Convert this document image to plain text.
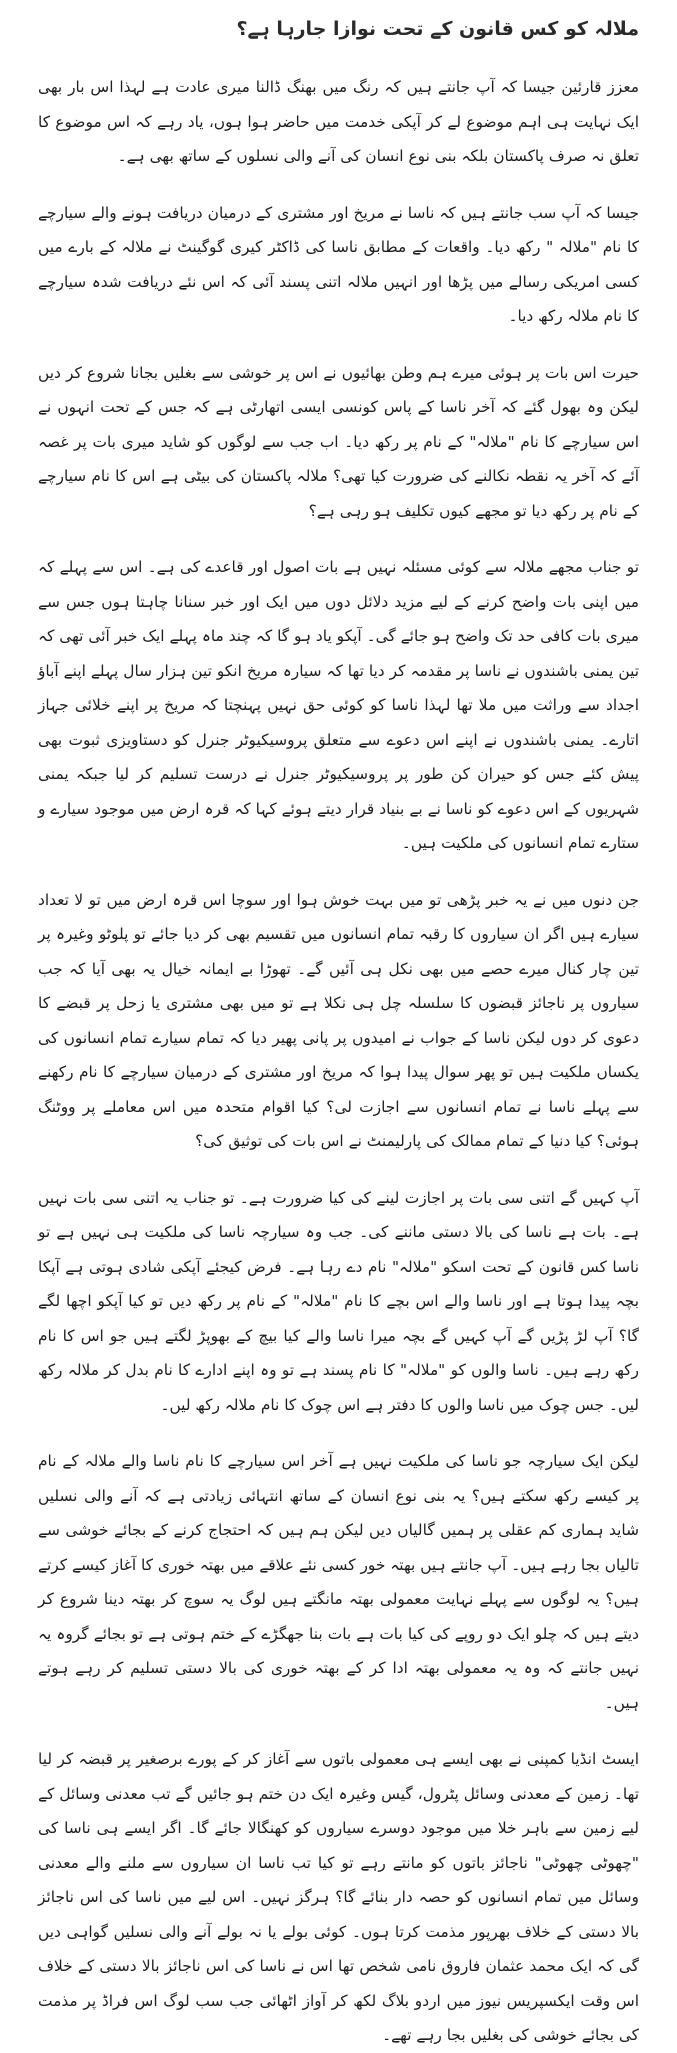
ملالہ کو کس قانون کے تحت نوازا جارہا ہے؟

معزز قارئین جیسا کہ آپ جانتے ہیں کہ رنگ میں بھنگ ڈالنا میری عادت ہے لہذا اس بار بھی ایک نہایت ہی اہم موضوع لے کر آپکی خدمت میں حاضر ہوا ہوں، یاد رہے کہ اس موضوع کا تعلق نہ صرف پاکستان بلکہ بنی نوع انسان کی آنے والی نسلوں کے ساتھ بھی ہے۔

جیسا کہ آپ سب جانتے ہیں کہ ناسا نے مریخ اور مشتری کے درمیان دریافت ہونے والے سیارچے کا نام "ملالہ " رکھ دیا۔ واقعات کے مطابق ناسا کی ڈاکٹر کیری گوگینٹ نے ملالہ کے بارے میں کسی امریکی رسالے میں پڑھا اور انہیں ملالہ اتنی پسند آئی کہ اس نئے دریافت شدہ سیارچے کا نام ملالہ رکھ دیا۔

حیرت اس بات پر ہوئی میرے ہم وطن بھائیوں نے اس پر خوشی سے بغلیں بجانا شروع کر دیں لیکن وہ بھول گئے کہ آخر ناسا کے پاس کونسی ایسی اتھارٹی ہے کہ جس کے تحت انہوں نے اس سیارچے کا نام "ملالہ" کے نام پر رکھ دیا۔ اب جب سے لوگوں کو شاید میری بات پر غصہ آئے کہ آخر یہ نقطہ نکالنے کی ضرورت کیا تھی؟ ملالہ پاکستان کی بیٹی ہے اس کا نام سیارچے کے نام پر رکھ دیا تو مجھے کیوں تکلیف ہو رہی ہے؟

تو جناب مجھے ملالہ سے کوئی مسئلہ نہیں ہے بات اصول اور قاعدے کی ہے۔ اس سے پہلے کہ میں اپنی بات واضح کرنے کے لیے مزید دلائل دوں میں ایک اور خبر سنانا چاہتا ہوں جس سے میری بات کافی حد تک واضح ہو جائے گی۔ آپکو یاد ہو گا کہ چند ماہ پہلے ایک خبر آئی تھی کہ تین یمنی باشندوں نے ناسا پر مقدمہ کر دیا تھا کہ سیارہ مریخ انکو تین ہزار سال پہلے اپنے آباؤ اجداد سے وراثت میں ملا تھا لہذا ناسا کو کوئی حق نہیں پہنچتا کہ مریخ پر اپنے خلائی جہاز اتارے۔ یمنی باشندوں نے اپنے اس دعوے سے متعلق پروسیکیوٹر جنرل کو دستاویزی ثبوت بھی پیش کئے جس کو حیران کن طور پر پروسیکیوٹر جنرل نے درست تسلیم کر لیا جبکہ یمنی شہریوں کے اس دعوے کو ناسا نے بے بنیاد قرار دیتے ہوئے کہا کہ قرہ ارض میں موجود سیارے و ستارے تمام انسانوں کی ملکیت ہیں۔

جن دنوں میں نے یہ خبر پڑھی تو میں بہت خوش ہوا اور سوچا اس قرہ ارض میں تو لا تعداد سیارے ہیں اگر ان سیاروں کا رقبہ تمام انسانوں میں تقسیم بھی کر دیا جائے تو پلوٹو وغیرہ پر تین چار کنال میرے حصے میں بھی نکل ہی آئیں گے۔ تھوڑا بے ایمانہ خیال یہ بھی آیا کہ جب سیاروں پر ناجائز قبضوں کا سلسلہ چل ہی نکلا ہے تو میں بھی مشتری یا زحل پر قبضے کا دعوی کر دوں لیکن ناسا کے جواب نے امیدوں پر پانی پھیر دیا کہ تمام سیارے تمام انسانوں کی یکساں ملکیت ہیں تو پھر سوال پیدا ہوا کہ مریخ اور مشتری کے درمیان سیارچے کا نام رکھنے سے پہلے ناسا نے تمام انسانوں سے اجازت لی؟ کیا اقوام متحدہ میں اس معاملے پر ووٹنگ ہوئی؟ کیا دنیا کے تمام ممالک کی پارلیمنٹ نے اس بات کی توثیق کی؟

آپ کہیں گے اتنی سی بات پر اجازت لینے کی کیا ضرورت ہے۔ تو جناب یہ اتنی سی بات نہیں ہے۔ بات ہے ناسا کی بالا دستی ماننے کی۔ جب وہ سیارچہ ناسا کی ملکیت ہی نہیں ہے تو ناسا کس قانون کے تحت اسکو "ملالہ" نام دے رہا ہے۔ فرض کیجئے آپکی شادی ہوتی ہے آپکا بچہ پیدا ہوتا ہے اور ناسا والے اس بچے کا نام "ملالہ" کے نام پر رکھ دیں تو کیا آپکو اچھا لگے گا؟ آپ لڑ پڑیں گے آپ کہیں گے بچہ میرا ناسا والے کیا بیچ کے بھوپڑ لگتے ہیں جو اس کا نام رکھ رہے ہیں۔ ناسا والوں کو "ملالہ" کا نام پسند ہے تو وہ اپنے ادارے کا نام بدل کر ملالہ رکھ لیں۔ جس چوک میں ناسا والوں کا دفتر ہے اس چوک کا نام ملالہ رکھ لیں۔

لیکن ایک سیارچہ جو ناسا کی ملکیت نہیں ہے آخر اس سیارچے کا نام ناسا والے ملالہ کے نام پر کیسے رکھ سکتے ہیں؟ یہ بنی نوع انسان کے ساتھ انتہائی زیادتی ہے کہ آنے والی نسلیں شاید ہماری کم عقلی پر ہمیں گالیاں دیں لیکن ہم ہیں کہ احتجاج کرنے کے بجائے خوشی سے تالیاں بجا رہے ہیں۔ آپ جانتے ہیں بھتہ خور کسی نئے علاقے میں بھتہ خوری کا آغاز کیسے کرتے ہیں؟ یہ لوگوں سے پہلے نہایت معمولی بھتہ مانگتے ہیں لوگ یہ سوچ کر بھتہ دینا شروع کر دیتے ہیں کہ چلو ایک دو روپے کی کیا بات ہے بات بنا جھگڑے کے ختم ہوتی ہے تو بجائے گروہ یہ نہیں جانتے کہ وہ یہ معمولی بھتہ ادا کر کے بھتہ خوری کی بالا دستی تسلیم کر رہے ہوتے ہیں۔

ایسٹ انڈیا کمپنی نے بھی ایسے ہی معمولی باتوں سے آغاز کر کے پورے برصغیر پر قبضہ کر لیا تھا۔ زمین کے معدنی وسائل پٹرول، گیس وغیرہ ایک دن ختم ہو جائیں گے تب معدنی وسائل کے لیے زمین سے باہر خلا میں موجود دوسرے سیاروں کو کھنگالا جائے گا۔ اگر ایسے ہی ناسا کی "چھوٹی چھوٹی" ناجائز باتوں کو مانتے رہے تو کیا تب ناسا ان سیاروں سے ملنے والے معدنی وسائل میں تمام انسانوں کو حصہ دار بنائے گا؟ ہرگز نہیں۔ اس لیے میں ناسا کی اس ناجائز بالا دستی کے خلاف بھرپور مذمت کرتا ہوں۔ کوئی بولے یا نہ بولے آنے والی نسلیں گواہی دیں گی کہ ایک محمد عثمان فاروق نامی شخص تھا اس نے ناسا کی اس ناجائز بالا دستی کے خلاف اس وقت ایکسپریس نیوز میں اردو بلاگ لکھ کر آواز اٹھائی جب سب لوگ اس فراڈ پر مذمت کی بجائے خوشی کی بغلیں بجا رہے تھے۔
